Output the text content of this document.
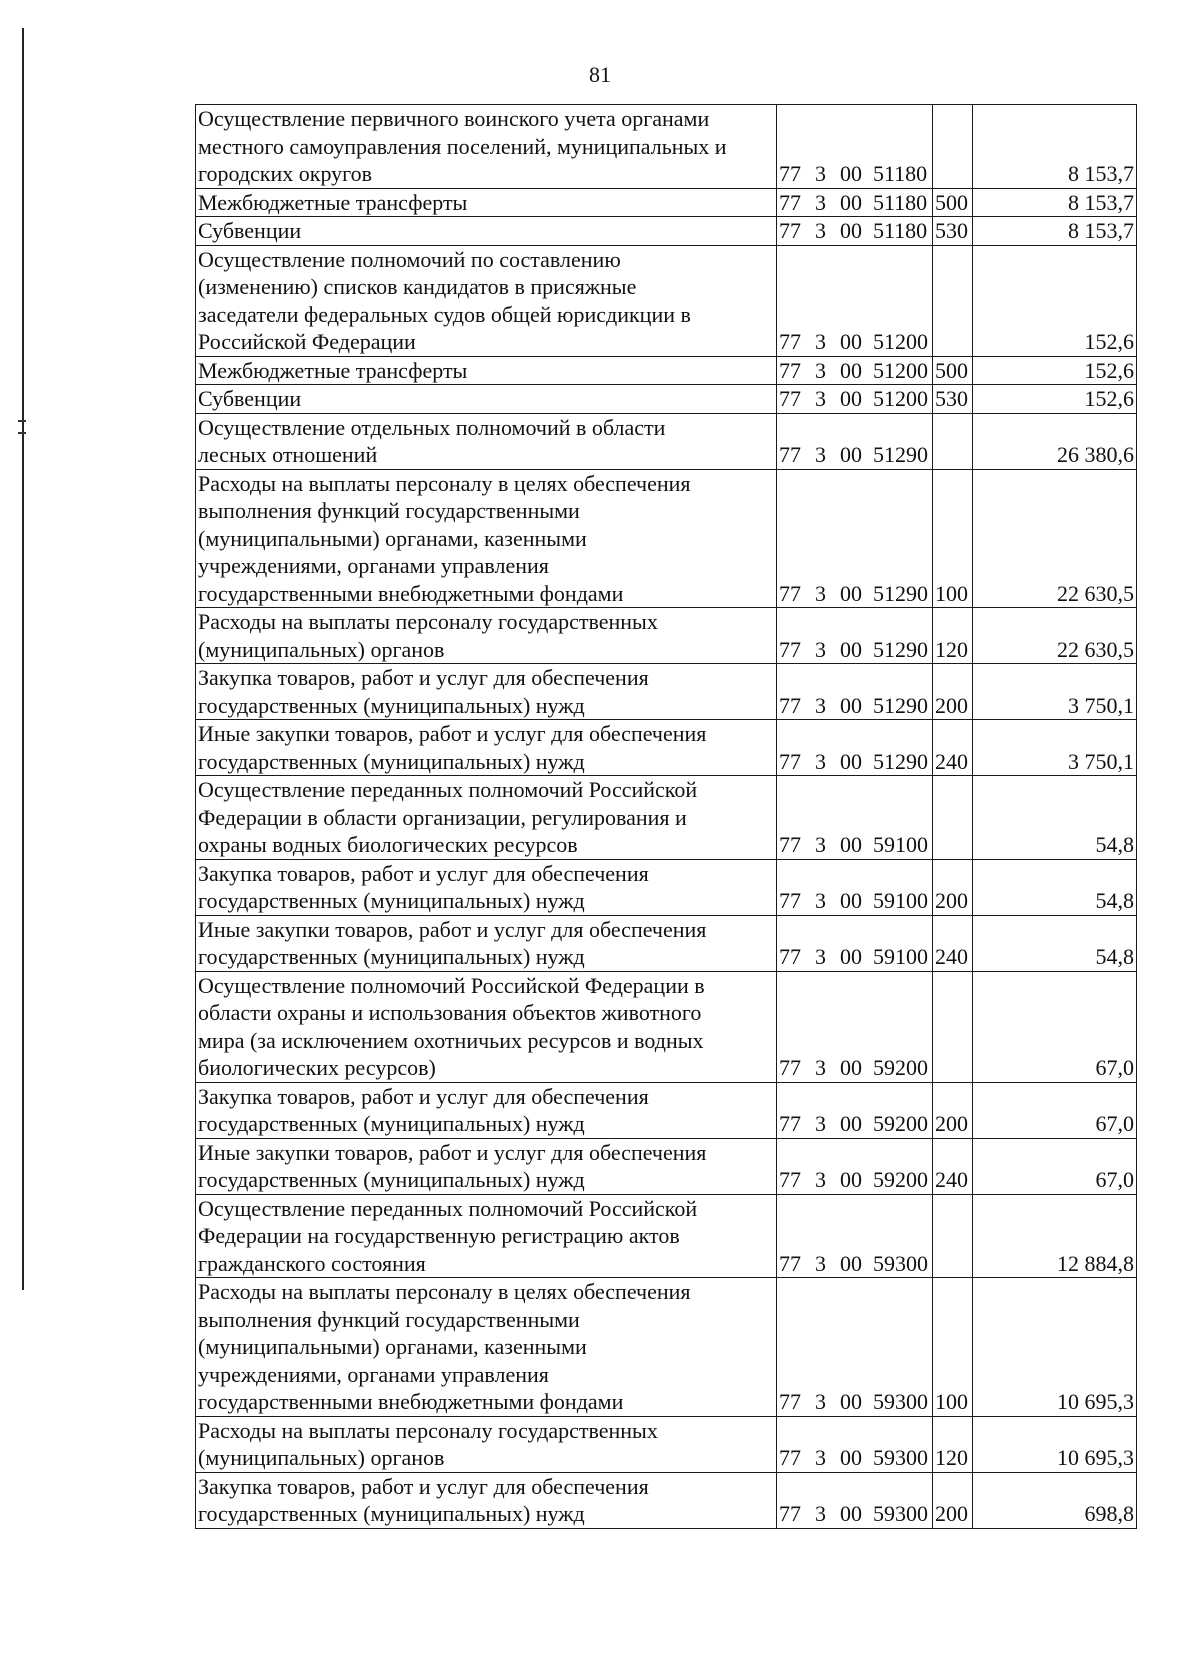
81
Осуществление первичного воинского учета органами
местного самоуправления поселений, муниципальных и
городских округов	77 3 00 51180		8 153,7

Межбюджетные трансферты	77 3 00 51180	500	8 153,7

Субвенции	77 3 00 51180	530	8 153,7

Осуществление полномочий по составлению
(изменению) списков кандидатов в присяжные
заседатели федеральных судов общей юрисдикции в
Российской Федерации	77 3 00 51200		152,6

Межбюджетные трансферты	77 3 00 51200	500	152,6

Субвенции	77 3 00 51200	530	152,6

Осуществление отдельных полномочий в области
лесных отношений	77 3 00 51290		26 380,6

Расходы на выплаты персоналу в целях обеспечения
выполнения функций государственными
(муниципальными) органами, казенными
учреждениями, органами управления
государственными внебюджетными фондами	77 3 00 51290	100	22 630,5

Расходы на выплаты персоналу государственных
(муниципальных) органов	77 3 00 51290	120	22 630,5

Закупка товаров, работ и услуг для обеспечения
государственных (муниципальных) нужд	77 3 00 51290	200	3 750,1

Иные закупки товаров, работ и услуг для обеспечения
государственных (муниципальных) нужд	77 3 00 51290	240	3 750,1

Осуществление переданных полномочий Российской
Федерации в области организации, регулирования и
охраны водных биологических ресурсов	77 3 00 59100		54,8

Закупка товаров, работ и услуг для обеспечения
государственных (муниципальных) нужд	77 3 00 59100	200	54,8

Иные закупки товаров, работ и услуг для обеспечения
государственных (муниципальных) нужд	77 3 00 59100	240	54,8

Осуществление полномочий Российской Федерации в
области охраны и использования объектов животного
мира (за исключением охотничьих ресурсов и водных
биологических ресурсов)	77 3 00 59200		67,0

Закупка товаров, работ и услуг для обеспечения
государственных (муниципальных) нужд	77 3 00 59200	200	67,0

Иные закупки товаров, работ и услуг для обеспечения
государственных (муниципальных) нужд	77 3 00 59200	240	67,0

Осуществление переданных полномочий Российской
Федерации на государственную регистрацию актов
гражданского состояния	77 3 00 59300		12 884,8

Расходы на выплаты персоналу в целях обеспечения
выполнения функций государственными
(муниципальными) органами, казенными
учреждениями, органами управления
государственными внебюджетными фондами	77 3 00 59300	100	10 695,3

Расходы на выплаты персоналу государственных
(муниципальных) органов	77 3 00 59300	120	10 695,3

Закупка товаров, работ и услуг для обеспечения
государственных (муниципальных) нужд	77 3 00 59300	200	698,8
